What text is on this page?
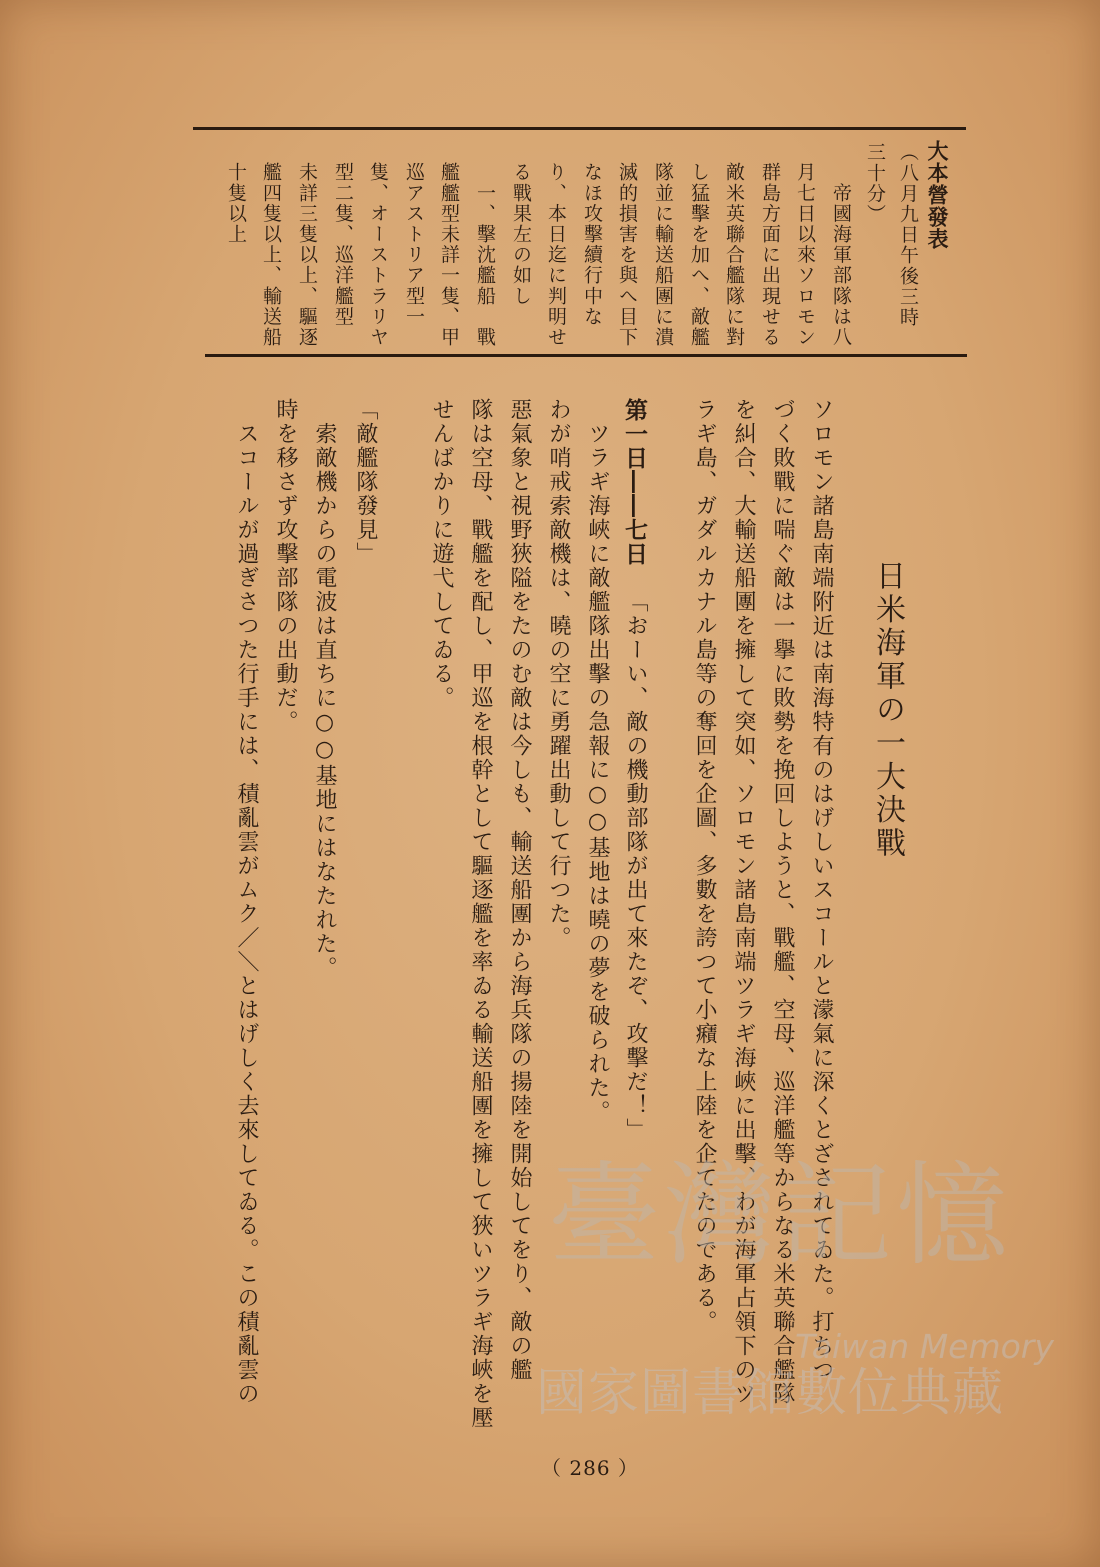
大本營發表
（八月九日午後三時
三十分）
　帝國海軍部隊は八
月七日以來ソロモン
群島方面に出現せる
敵米英聯合艦隊に對
し猛擊を加へ、敵艦
隊並に輸送船團に潰
滅的損害を與へ目下
なほ攻擊續行中な
り、本日迄に判明せ
る戰果左の如し
　一、擊沈艦船　戰
艦艦型未詳一隻、甲
巡アストリア型一
隻、オーストラリヤ
型二隻、巡洋艦型
未詳三隻以上、驅逐
艦四隻以上、輸送船
十隻以上
日米海軍の一大決戰
ソロモン諸島南端附近は南海特有のはげしいスコールと濛氣に深くとざされてゐた。打ちつ
づく敗戰に喘ぐ敵は一擧に敗勢を挽回しようと、戰艦、空母、巡洋艦等からなる米英聯合艦隊
を糾合、大輸送船團を擁して突如、ソロモン諸島南端ツラギ海峽に出擊、わが海軍占領下のツ
ラギ島、ガダルカナル島等の奪回を企圖、多數を誇つて小癪な上陸を企てたのである。
第一日――七日
「おーい、敵の機動部隊が出て來たぞ、攻擊だ！」
　ツラギ海峽に敵艦隊出擊の急報に○○基地は曉の夢を破られた。
わが哨戒索敵機は、曉の空に勇躍出動して行つた。
惡氣象と視野狹隘をたのむ敵は今しも、輸送船團から海兵隊の揚陸を開始してをり、敵の艦
隊は空母、戰艦を配し、甲巡を根幹として驅逐艦を率ゐる輸送船團を擁して狹いツラギ海峽を壓
せんばかりに遊弋してゐる。
「敵艦隊發見」
　索敵機からの電波は直ちに○○基地にはなたれた。
時を移さず攻擊部隊の出動だ。
　スコールが過ぎさつた行手には、積亂雲がムク／＼とはげしく去來してゐる。この積亂雲の
（ 286 ）
臺灣記憶
Taiwan Memory
國家圖書館數位典藏
